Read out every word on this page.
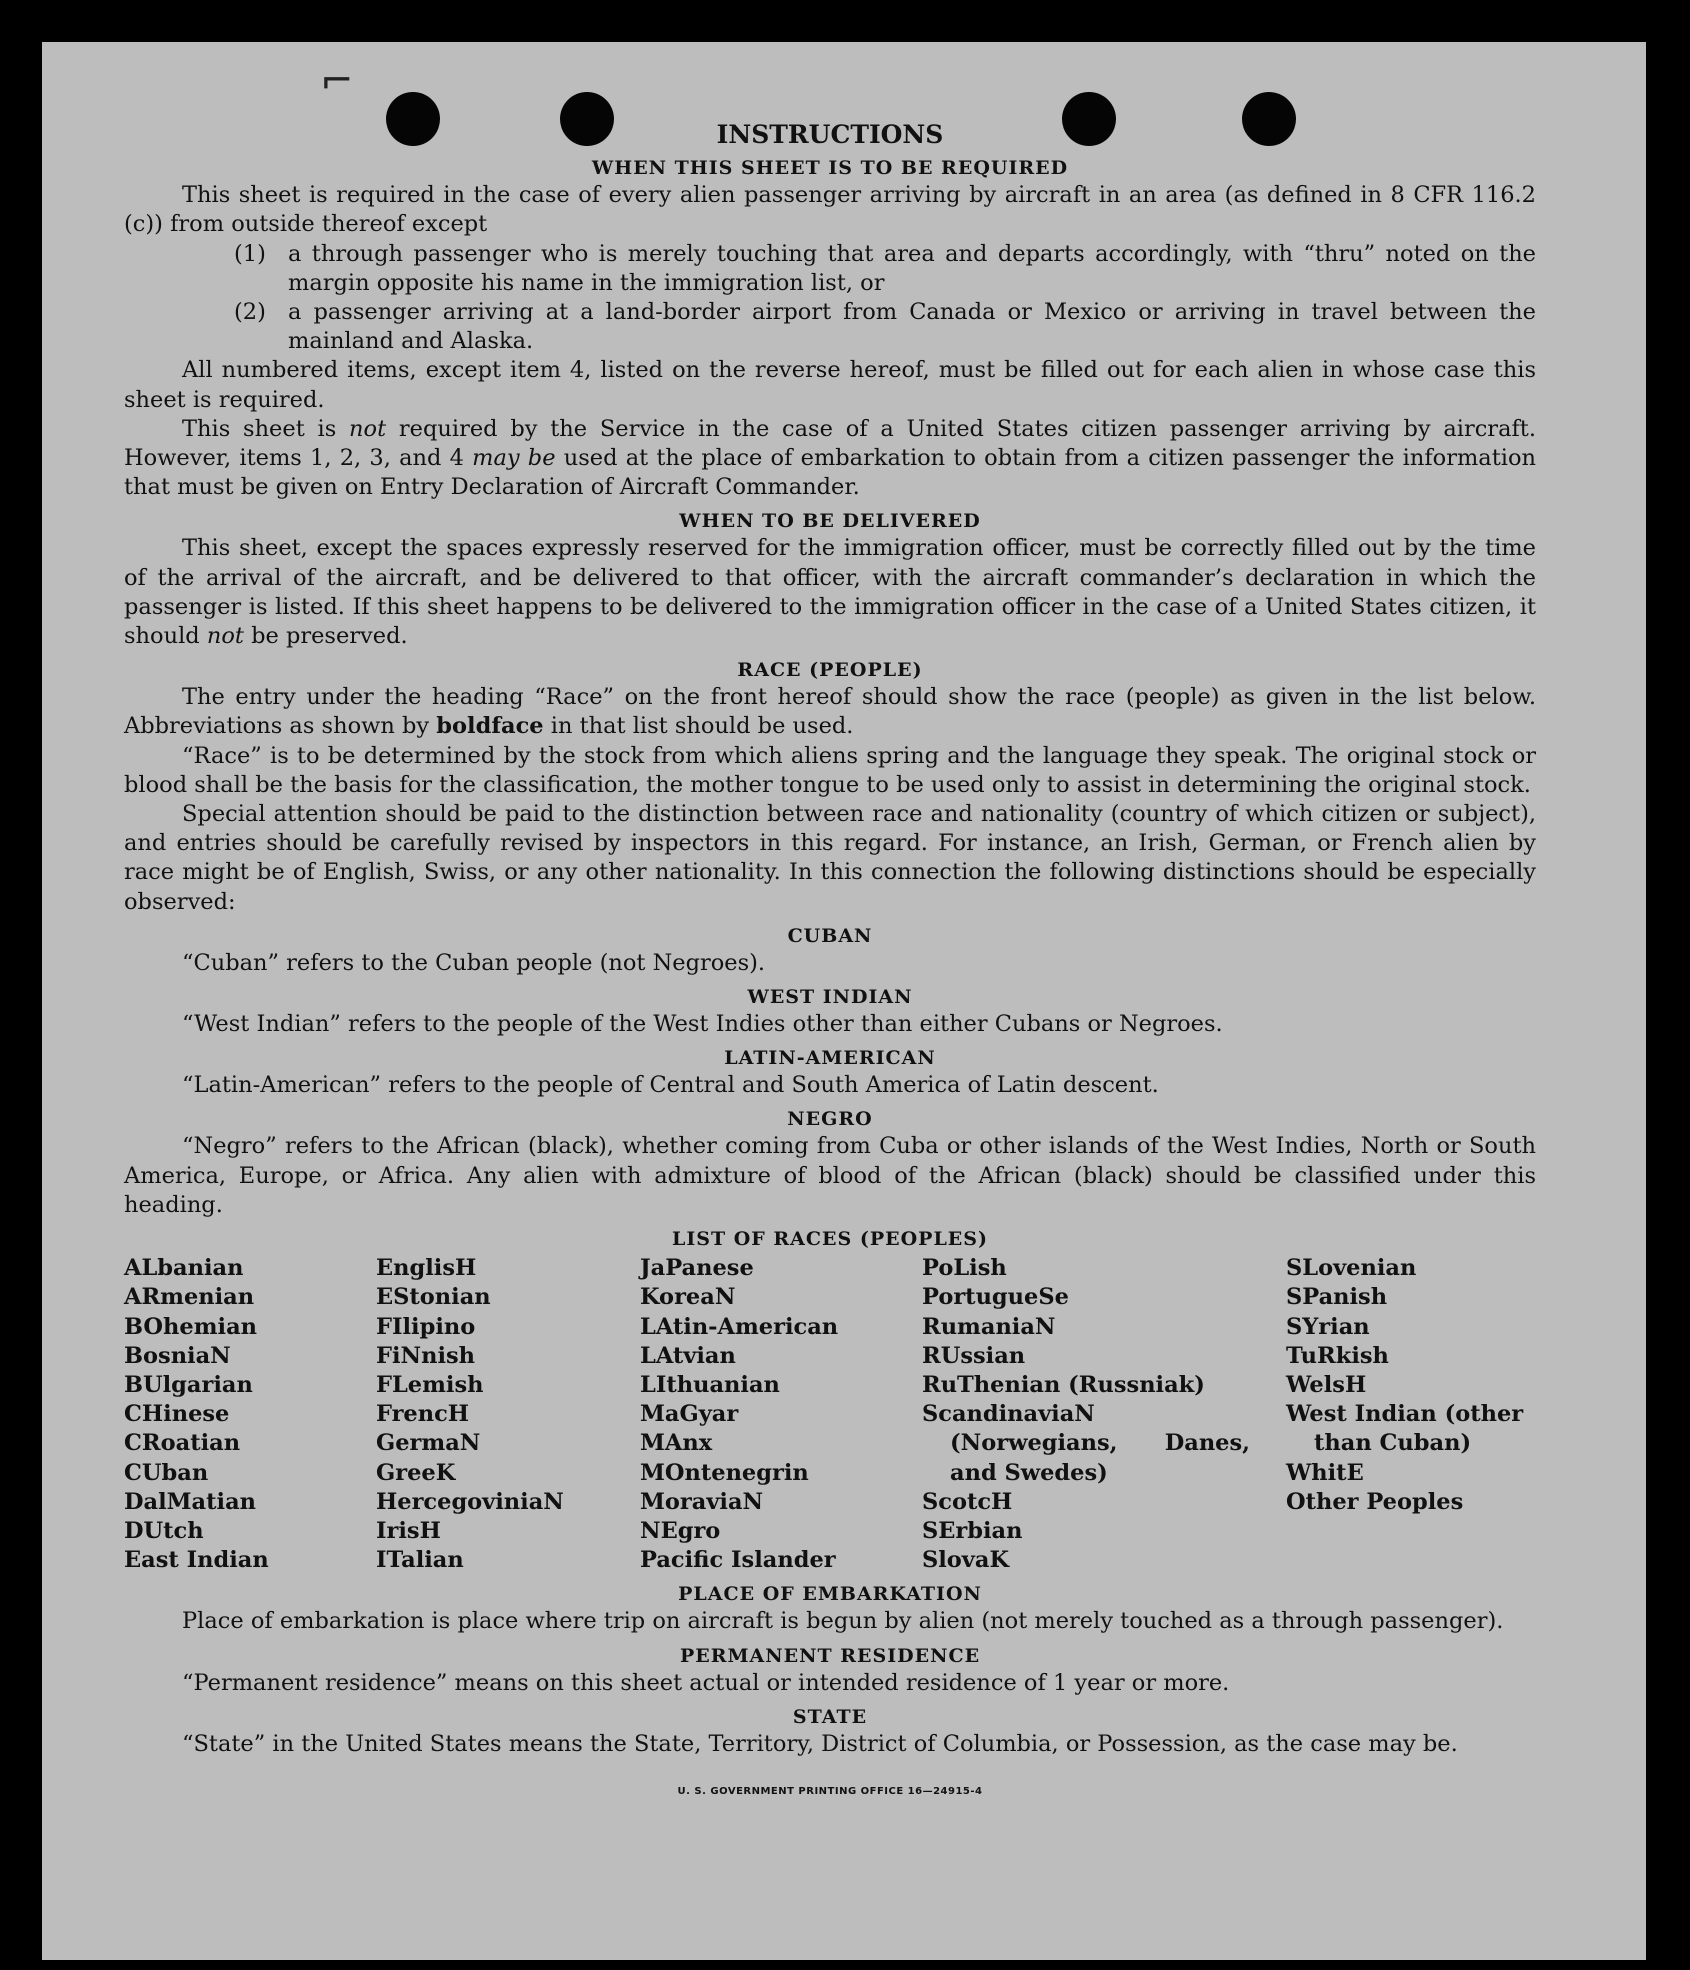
⌐
INSTRUCTIONS
WHEN THIS SHEET IS TO BE REQUIRED

This sheet is required in the case of every alien passenger arriving by aircraft in an area (as defined in 8 CFR 116.2 (c)) from outside thereof except

(1) a through passenger who is merely touching that area and departs accordingly, with “thru” noted on the margin opposite his name in the immigration list, or
(2) a passenger arriving at a land-border airport from Canada or Mexico or arriving in travel between the mainland and Alaska.

All numbered items, except item 4, listed on the reverse hereof, must be filled out for each alien in whose case this sheet is required.

This sheet is not required by the Service in the case of a United States citizen passenger arriving by aircraft. However, items 1, 2, 3, and 4 may be used at the place of embarkation to obtain from a citizen passenger the information that must be given on Entry Declaration of Aircraft Commander.

WHEN TO BE DELIVERED

This sheet, except the spaces expressly reserved for the immigration officer, must be correctly filled out by the time of the arrival of the aircraft, and be delivered to that officer, with the aircraft commander’s declaration in which the passenger is listed. If this sheet happens to be delivered to the immigration officer in the case of a United States citizen, it should not be preserved.

RACE (PEOPLE)

The entry under the heading “Race” on the front hereof should show the race (people) as given in the list below. Abbreviations as shown by boldface in that list should be used.

“Race” is to be determined by the stock from which aliens spring and the language they speak. The original stock or blood shall be the basis for the classification, the mother tongue to be used only to assist in determining the original stock.

Special attention should be paid to the distinction between race and nationality (country of which citizen or subject), and entries should be carefully revised by inspectors in this regard. For instance, an Irish, German, or French alien by race might be of English, Swiss, or any other nationality. In this connection the following distinctions should be especially observed:

CUBAN

“Cuban” refers to the Cuban people (not Negroes).

WEST INDIAN

“West Indian” refers to the people of the West Indies other than either Cubans or Negroes.

LATIN-AMERICAN

“Latin-American” refers to the people of Central and South America of Latin descent.

NEGRO

“Negro” refers to the African (black), whether coming from Cuba or other islands of the West Indies, North or South America, Europe, or Africa. Any alien with admixture of blood of the African (black) should be classified under this heading.

LIST OF RACES (PEOPLES)
ALbanian
ARmenian
BOhemian
BosniaN
BUlgarian
CHinese
CRoatian
CUban
DalMatian
DUtch
East Indian
EnglisH
EStonian
FIlipino
FiNnish
FLemish
FrencH
GermaN
GreeK
HercegoviniaN
IrisH
ITalian
JaPanese
KoreaN
LAtin-American
LAtvian
LIthuanian
MaGyar
MAnx
MOntenegrin
MoraviaN
NEgro
Pacific Islander
PoLish
PortugueSe
RumaniaN
RUssian
RuThenian (Russniak)
ScandinaviaN (Norwegians, Danes, and Swedes)
ScotcH
SErbian
SlovaK
SLovenian
SPanish
SYrian
TuRkish
WelsH
West Indian (other than Cuban)
WhitE
Other Peoples
PLACE OF EMBARKATION

Place of embarkation is place where trip on aircraft is begun by alien (not merely touched as a through passenger).

PERMANENT RESIDENCE

“Permanent residence” means on this sheet actual or intended residence of 1 year or more.

STATE

“State” in the United States means the State, Territory, District of Columbia, or Possession, as the case may be.

U. S. GOVERNMENT PRINTING OFFICE 16—24915-4
